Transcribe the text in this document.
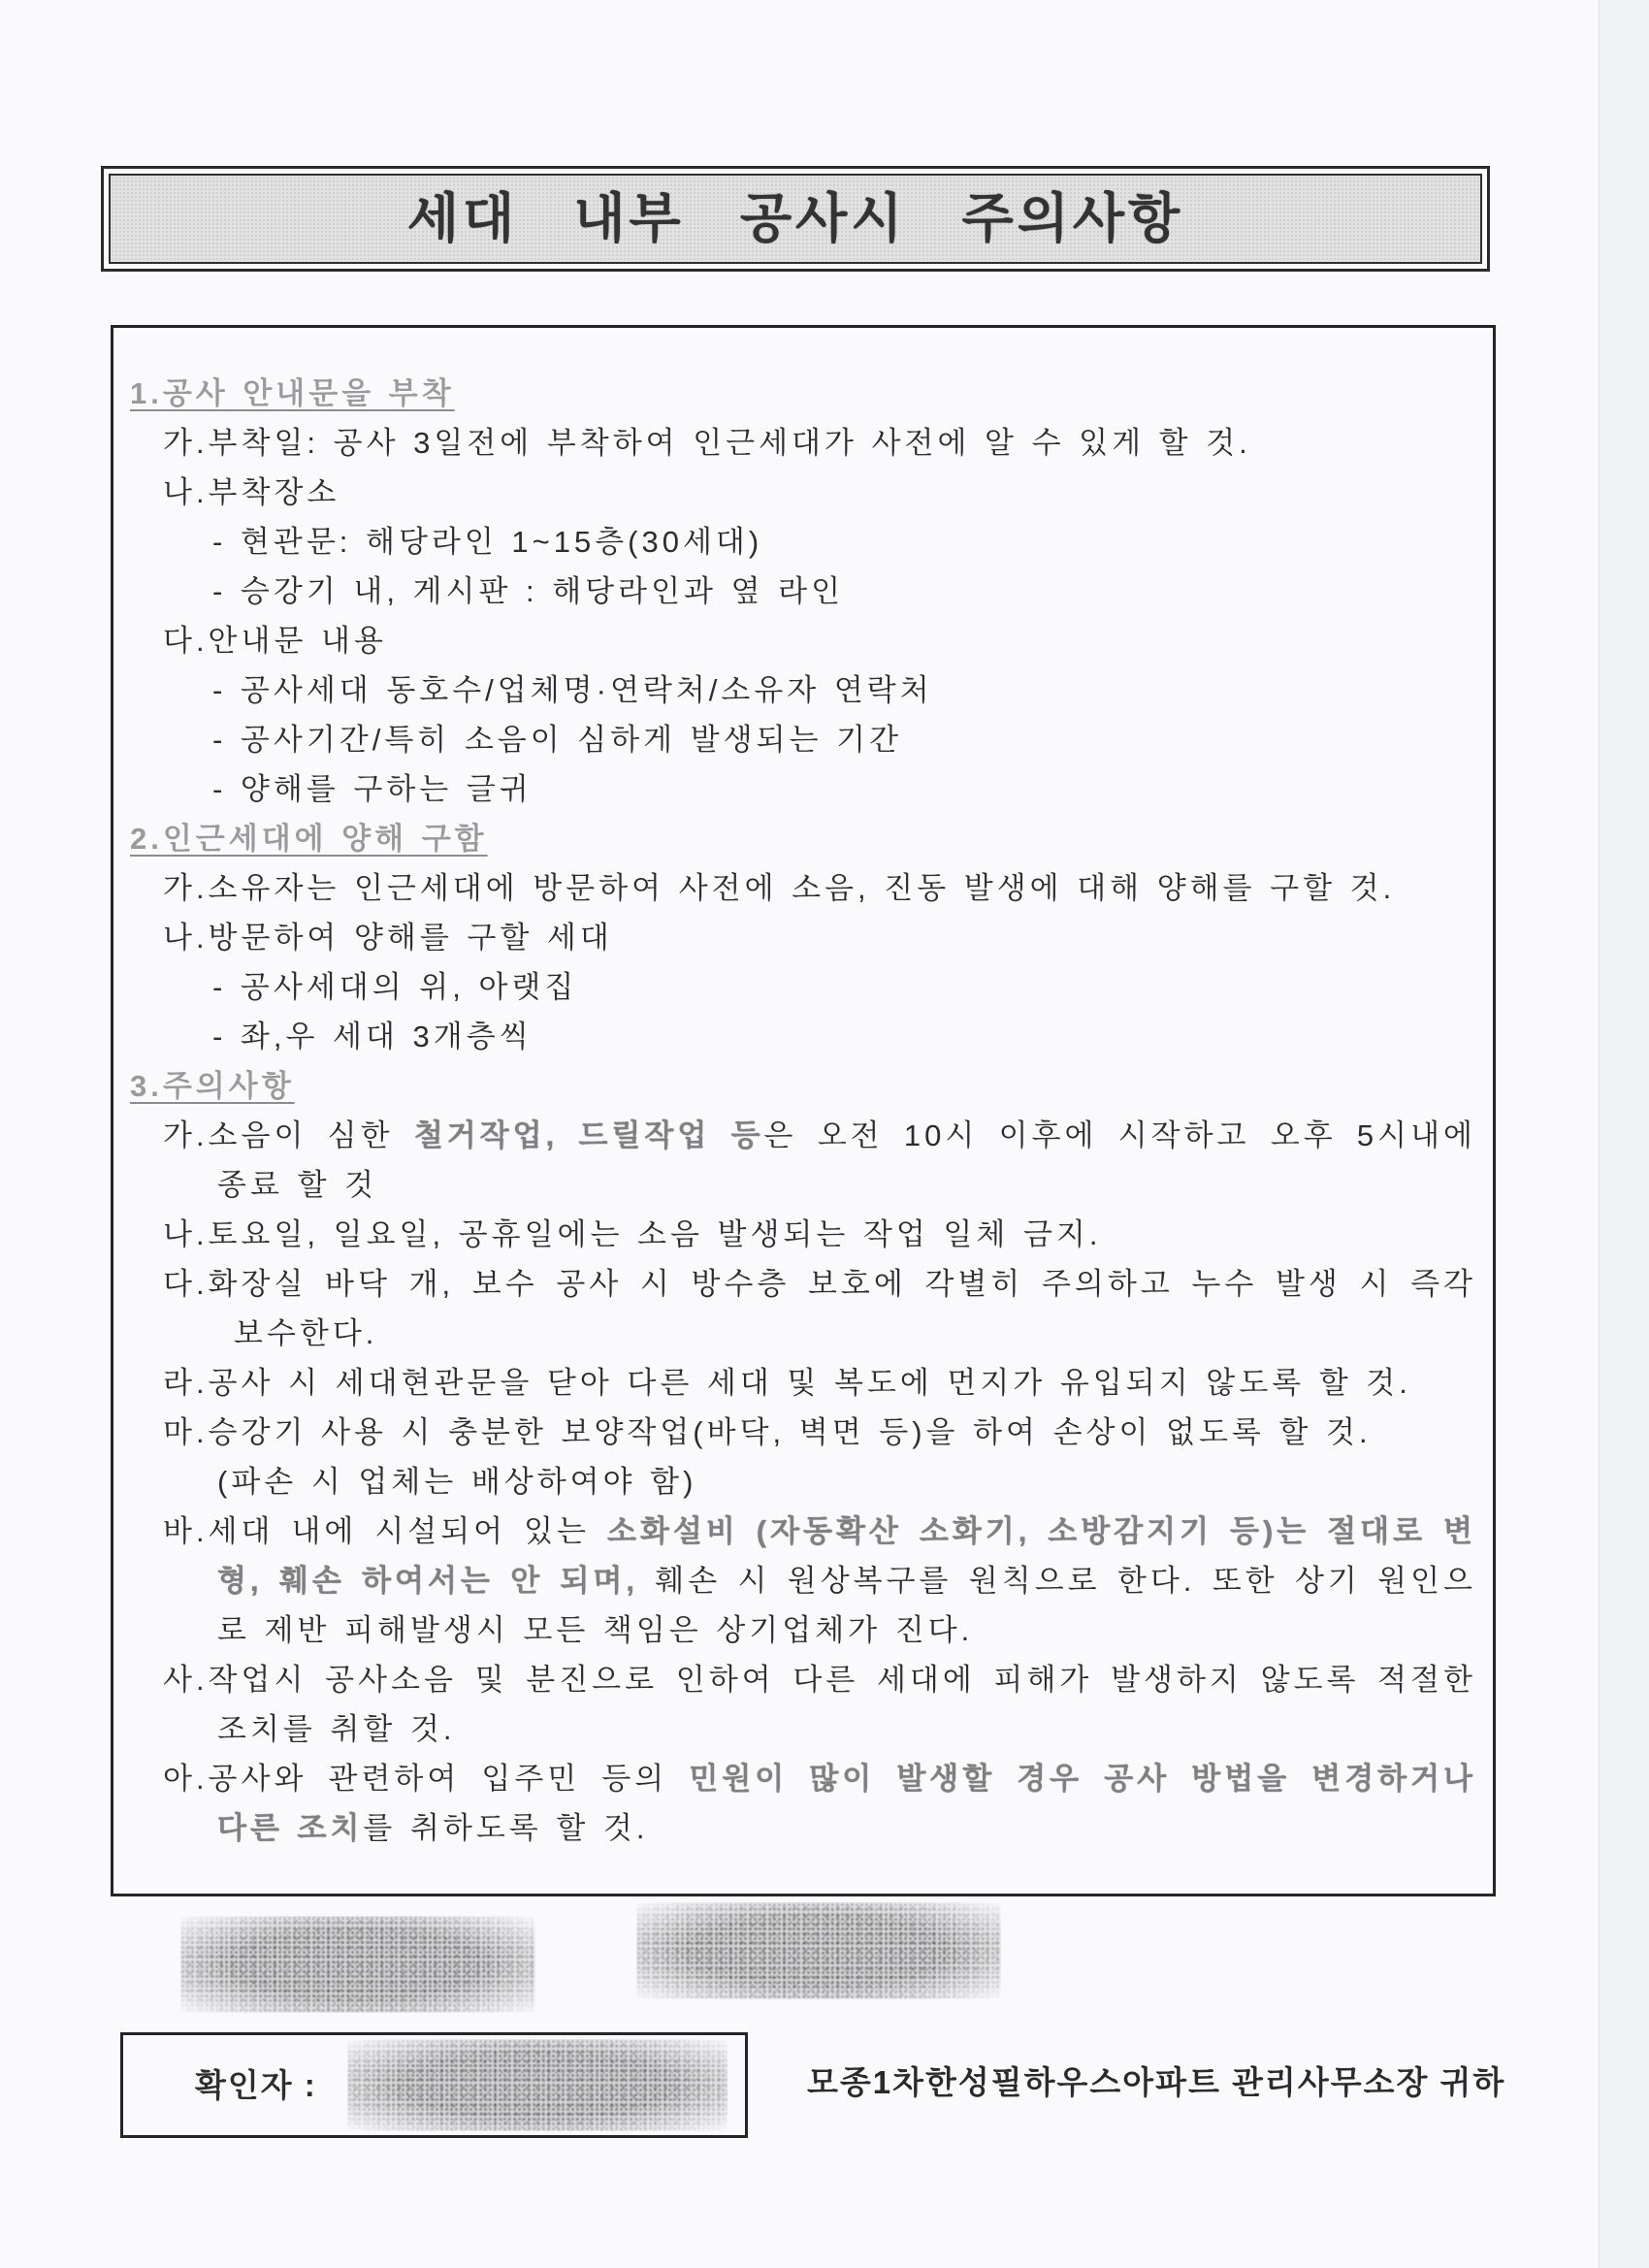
세대 내부 공사시 주의사항
1.공사 안내문을 부착
가.부착일: 공사 3일전에 부착하여 인근세대가 사전에 알 수 있게 할 것.
나.부착장소
- 현관문: 해당라인 1~15층(30세대)
- 승강기 내, 게시판 : 해당라인과 옆 라인
다.안내문 내용
- 공사세대 동호수/업체명·연락처/소유자 연락처
- 공사기간/특히 소음이 심하게 발생되는 기간
- 양해를 구하는 글귀
2.인근세대에 양해 구함
가.소유자는 인근세대에 방문하여 사전에 소음, 진동 발생에 대해 양해를 구할 것.
나.방문하여 양해를 구할 세대
- 공사세대의 위, 아랫집
- 좌,우 세대 3개층씩
3.주의사항
가.소음이 심한 철거작업, 드릴작업 등은 오전 10시 이후에 시작하고 오후 5시내에
종료 할 것
나.토요일, 일요일, 공휴일에는 소음 발생되는 작업 일체 금지.
다.화장실 바닥 개, 보수 공사 시 방수층 보호에 각별히 주의하고 누수 발생 시 즉각
보수한다.
라.공사 시 세대현관문을 닫아 다른 세대 및 복도에 먼지가 유입되지 않도록 할 것.
마.승강기 사용 시 충분한 보양작업(바닥, 벽면 등)을 하여 손상이 없도록 할 것.
(파손 시 업체는 배상하여야 함)
바.세대 내에 시설되어 있는 소화설비 (자동확산 소화기, 소방감지기 등)는 절대로 변
형, 훼손 하여서는 안 되며, 훼손 시 원상복구를 원칙으로 한다. 또한 상기 원인으
로 제반 피해발생시 모든 책임은 상기업체가 진다.
사.작업시 공사소음 및 분진으로 인하여 다른 세대에 피해가 발생하지 않도록 적절한
조치를 취할 것.
아.공사와 관련하여 입주민 등의 민원이 많이 발생할 경우 공사 방법을 변경하거나
다른 조치를 취하도록 할 것.
확인자 :	모종1차한성필하우스아파트 관리사무소장 귀하
